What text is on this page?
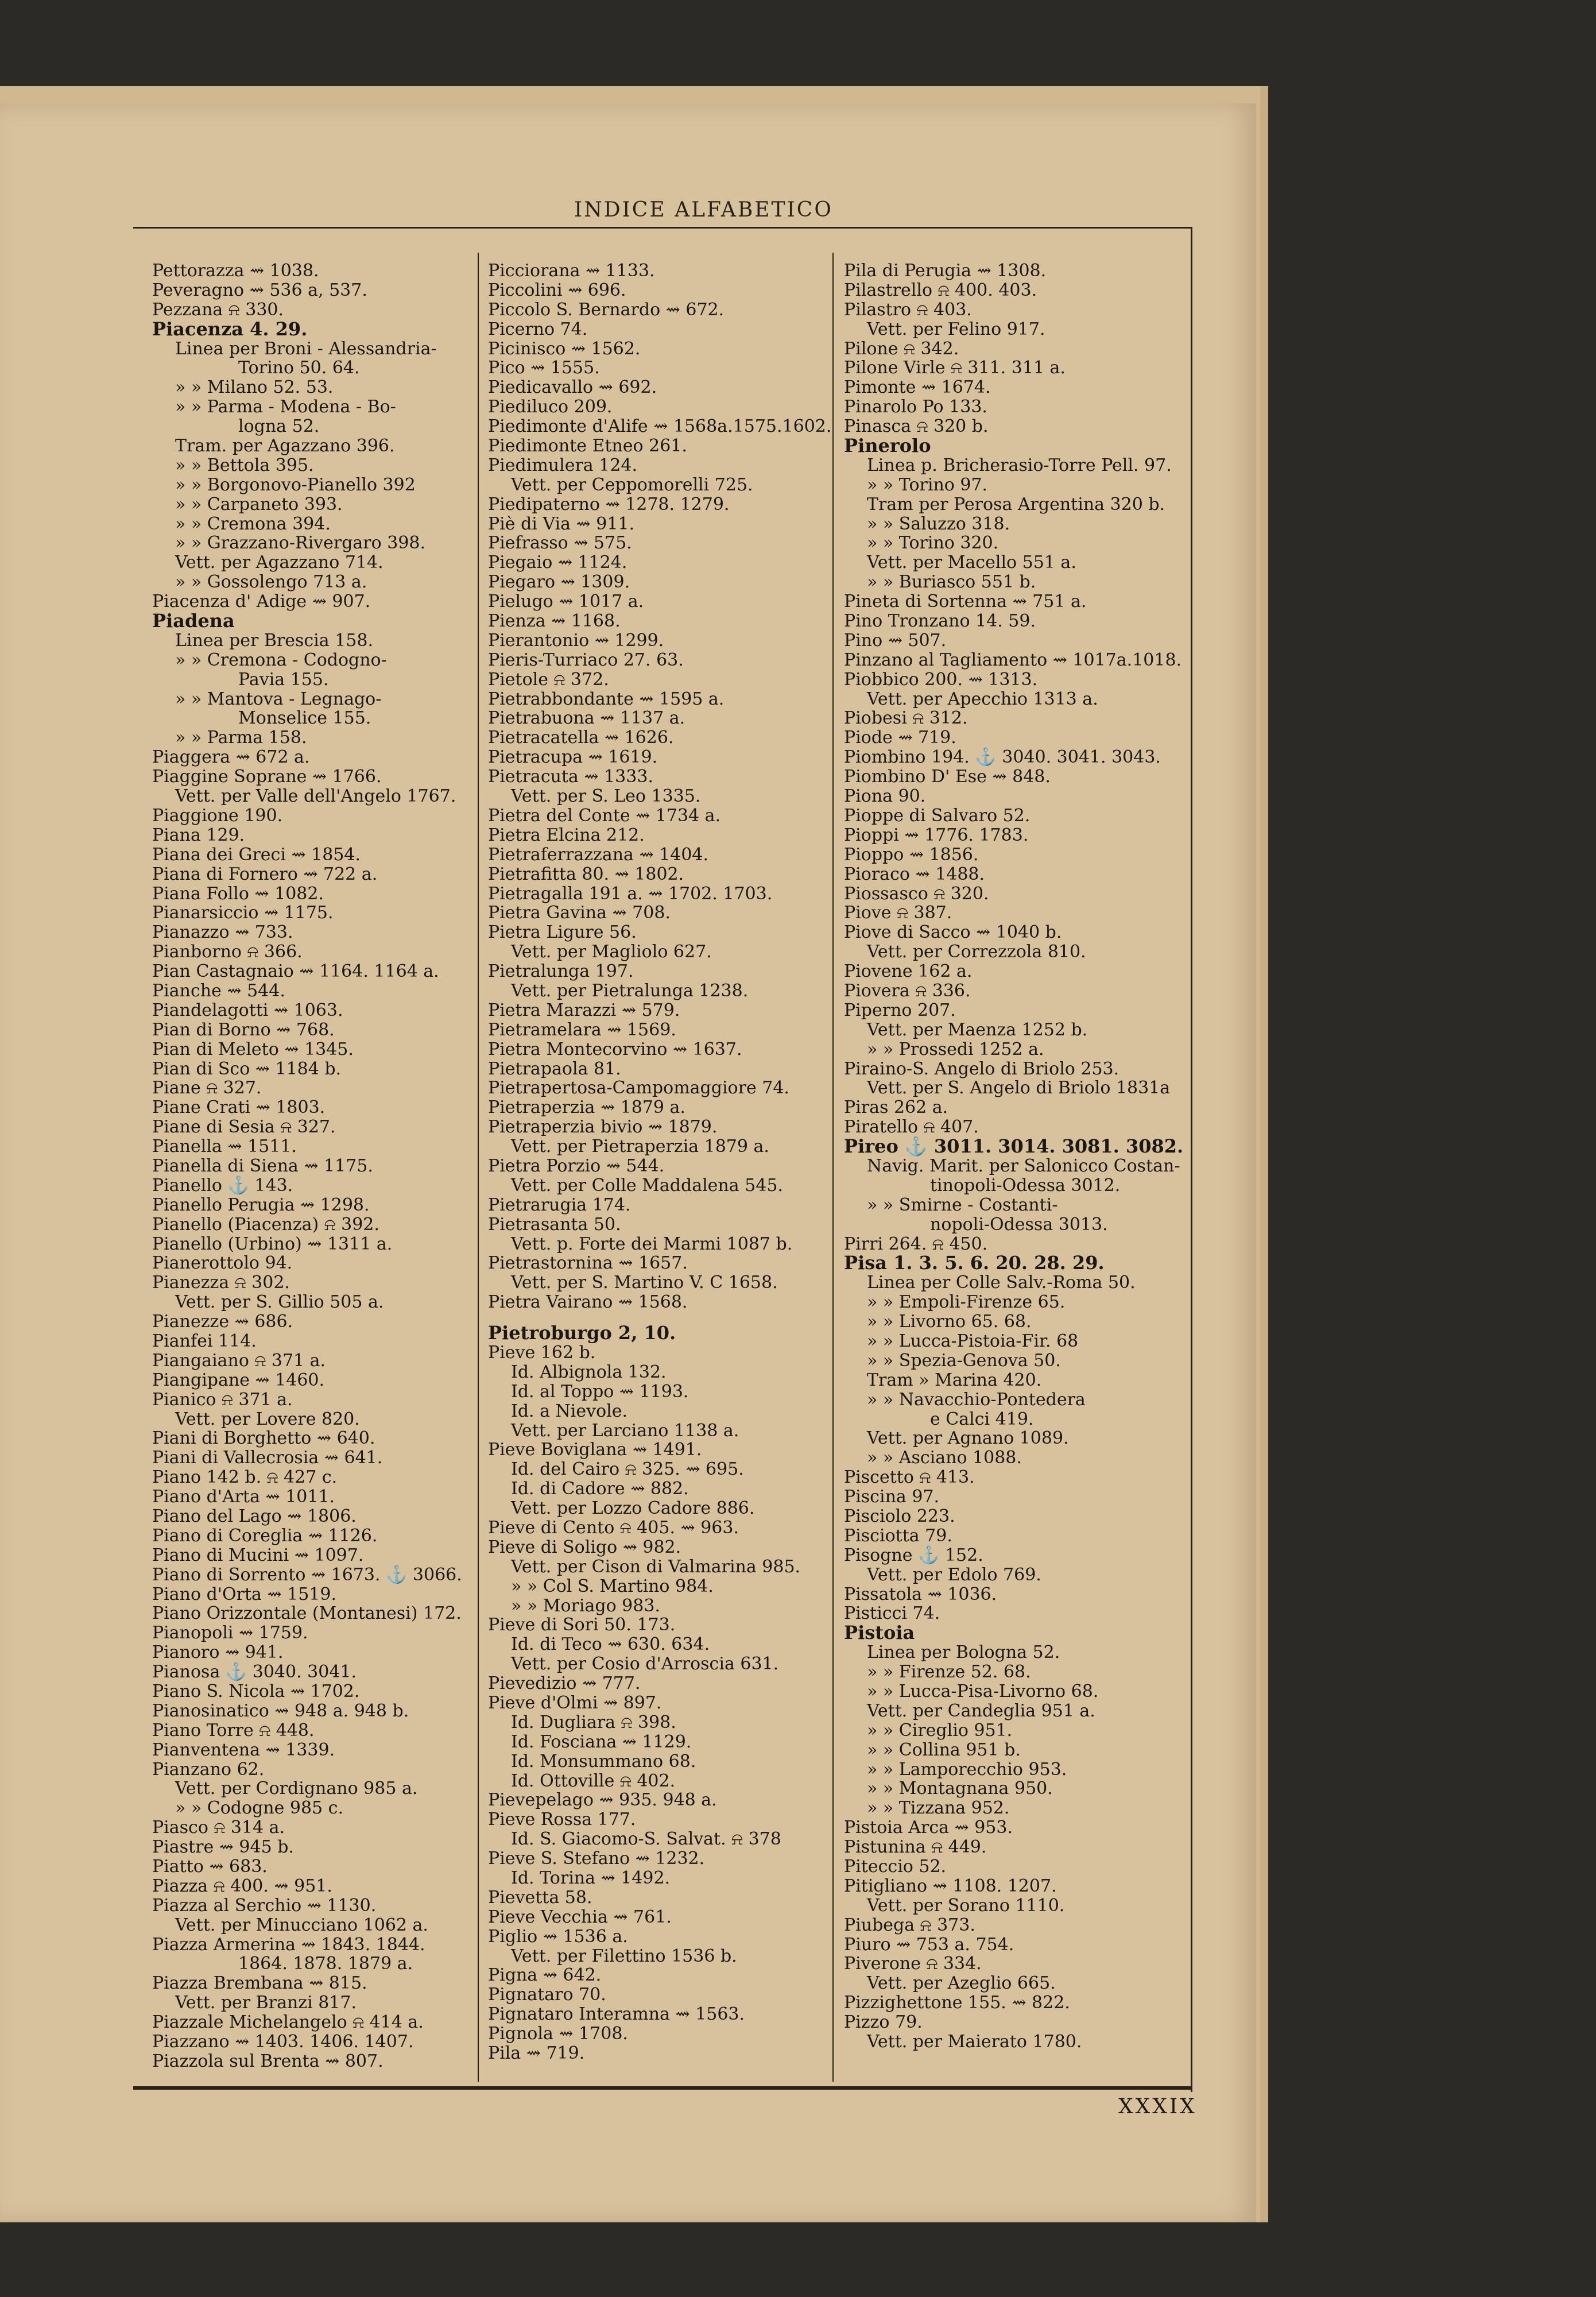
INDICE ALFABETICO
Pettorazza ⇝ 1038.
Peveragno ⇝ 536 a, 537.
Pezzana ⍾ 330.
Piacenza 4. 29.
Linea per Broni - Alessandria-
Torino 50. 64.
» » Milano 52. 53.
» » Parma - Modena - Bo-
logna 52.
Tram. per Agazzano 396.
» » Bettola 395.
» » Borgonovo-Pianello 392
» » Carpaneto 393.
» » Cremona 394.
» » Grazzano-Rivergaro 398.
Vett. per Agazzano 714.
» » Gossolengo 713 a.
Piacenza d' Adige ⇝ 907.
Piadena
Linea per Brescia 158.
» » Cremona - Codogno-
Pavia 155.
» » Mantova - Legnago-
Monselice 155.
» » Parma 158.
Piaggera ⇝ 672 a.
Piaggine Soprane ⇝ 1766.
Vett. per Valle dell'Angelo 1767.
Piaggione 190.
Piana 129.
Piana dei Greci ⇝ 1854.
Piana di Fornero ⇝ 722 a.
Piana Follo ⇝ 1082.
Pianarsiccio ⇝ 1175.
Pianazzo ⇝ 733.
Pianborno ⍾ 366.
Pian Castagnaio ⇝ 1164. 1164 a.
Pianche ⇝ 544.
Piandelagotti ⇝ 1063.
Pian di Borno ⇝ 768.
Pian di Meleto ⇝ 1345.
Pian di Sco ⇝ 1184 b.
Piane ⍾ 327.
Piane Crati ⇝ 1803.
Piane di Sesia ⍾ 327.
Pianella ⇝ 1511.
Pianella di Siena ⇝ 1175.
Pianello ⚓ 143.
Pianello Perugia ⇝ 1298.
Pianello (Piacenza) ⍾ 392.
Pianello (Urbino) ⇝ 1311 a.
Pianerottolo 94.
Pianezza ⍾ 302.
Vett. per S. Gillio 505 a.
Pianezze ⇝ 686.
Pianfei 114.
Piangaiano ⍾ 371 a.
Piangipane ⇝ 1460.
Pianico ⍾ 371 a.
Vett. per Lovere 820.
Piani di Borghetto ⇝ 640.
Piani di Vallecrosia ⇝ 641.
Piano 142 b. ⍾ 427 c.
Piano d'Arta ⇝ 1011.
Piano del Lago ⇝ 1806.
Piano di Coreglia ⇝ 1126.
Piano di Mucini ⇝ 1097.
Piano di Sorrento ⇝ 1673. ⚓ 3066.
Piano d'Orta ⇝ 1519.
Piano Orizzontale (Montanesi) 172.
Pianopoli ⇝ 1759.
Pianoro ⇝ 941.
Pianosa ⚓ 3040. 3041.
Piano S. Nicola ⇝ 1702.
Pianosinatico ⇝ 948 a. 948 b.
Piano Torre ⍾ 448.
Pianventena ⇝ 1339.
Pianzano 62.
Vett. per Cordignano 985 a.
» » Codogne 985 c.
Piasco ⍾ 314 a.
Piastre ⇝ 945 b.
Piatto ⇝ 683.
Piazza ⍾ 400. ⇝ 951.
Piazza al Serchio ⇝ 1130.
Vett. per Minucciano 1062 a.
Piazza Armerina ⇝ 1843. 1844.
1864. 1878. 1879 a.
Piazza Brembana ⇝ 815.
Vett. per Branzi 817.
Piazzale Michelangelo ⍾ 414 a.
Piazzano ⇝ 1403. 1406. 1407.
Piazzola sul Brenta ⇝ 807.
Picciorana ⇝ 1133.
Piccolini ⇝ 696.
Piccolo S. Bernardo ⇝ 672.
Picerno 74.
Picinisco ⇝ 1562.
Pico ⇝ 1555.
Piedicavallo ⇝ 692.
Piediluco 209.
Piedimonte d'Alife ⇝ 1568a.1575.1602.
Piedimonte Etneo 261.
Piedimulera 124.
Vett. per Ceppomorelli 725.
Piedipaterno ⇝ 1278. 1279.
Piè di Via ⇝ 911.
Piefrasso ⇝ 575.
Piegaio ⇝ 1124.
Piegaro ⇝ 1309.
Pielugo ⇝ 1017 a.
Pienza ⇝ 1168.
Pierantonio ⇝ 1299.
Pieris-Turriaco 27. 63.
Pietole ⍾ 372.
Pietrabbondante ⇝ 1595 a.
Pietrabuona ⇝ 1137 a.
Pietracatella ⇝ 1626.
Pietracupa ⇝ 1619.
Pietracuta ⇝ 1333.
Vett. per S. Leo 1335.
Pietra del Conte ⇝ 1734 a.
Pietra Elcina 212.
Pietraferrazzana ⇝ 1404.
Pietrafitta 80. ⇝ 1802.
Pietragalla 191 a. ⇝ 1702. 1703.
Pietra Gavina ⇝ 708.
Pietra Ligure 56.
Vett. per Magliolo 627.
Pietralunga 197.
Vett. per Pietralunga 1238.
Pietra Marazzi ⇝ 579.
Pietramelara ⇝ 1569.
Pietra Montecorvino ⇝ 1637.
Pietrapaola 81.
Pietrapertosa-Campomaggiore 74.
Pietraperzia ⇝ 1879 a.
Pietraperzia bivio ⇝ 1879.
Vett. per Pietraperzia 1879 a.
Pietra Porzio ⇝ 544.
Vett. per Colle Maddalena 545.
Pietrarugia 174.
Pietrasanta 50.
Vett. p. Forte dei Marmi 1087 b.
Pietrastornina ⇝ 1657.
Vett. per S. Martino V. C 1658.
Pietra Vairano ⇝ 1568.
Pietroburgo 2, 10.
Pieve 162 b.
Id. Albignola 132.
Id. al Toppo ⇝ 1193.
Id. a Nievole.
Vett. per Larciano 1138 a.
Pieve Boviglana ⇝ 1491.
Id. del Cairo ⍾ 325. ⇝ 695.
Id. di Cadore ⇝ 882.
Vett. per Lozzo Cadore 886.
Pieve di Cento ⍾ 405. ⇝ 963.
Pieve di Soligo ⇝ 982.
Vett. per Cison di Valmarina 985.
» » Col S. Martino 984.
» » Moriago 983.
Pieve di Sori 50. 173.
Id. di Teco ⇝ 630. 634.
Vett. per Cosio d'Arroscia 631.
Pievedizio ⇝ 777.
Pieve d'Olmi ⇝ 897.
Id. Dugliara ⍾ 398.
Id. Fosciana ⇝ 1129.
Id. Monsummano 68.
Id. Ottoville ⍾ 402.
Pievepelago ⇝ 935. 948 a.
Pieve Rossa 177.
Id. S. Giacomo-S. Salvat. ⍾ 378
Pieve S. Stefano ⇝ 1232.
Id. Torina ⇝ 1492.
Pievetta 58.
Pieve Vecchia ⇝ 761.
Piglio ⇝ 1536 a.
Vett. per Filettino 1536 b.
Pigna ⇝ 642.
Pignataro 70.
Pignataro Interamna ⇝ 1563.
Pignola ⇝ 1708.
Pila ⇝ 719.
Pila di Perugia ⇝ 1308.
Pilastrello ⍾ 400. 403.
Pilastro ⍾ 403.
Vett. per Felino 917.
Pilone ⍾ 342.
Pilone Virle ⍾ 311. 311 a.
Pimonte ⇝ 1674.
Pinarolo Po 133.
Pinasca ⍾ 320 b.
Pinerolo
Linea p. Bricherasio-Torre Pell. 97.
» » Torino 97.
Tram per Perosa Argentina 320 b.
» » Saluzzo 318.
» » Torino 320.
Vett. per Macello 551 a.
» » Buriasco 551 b.
Pineta di Sortenna ⇝ 751 a.
Pino Tronzano 14. 59.
Pino ⇝ 507.
Pinzano al Tagliamento ⇝ 1017a.1018.
Piobbico 200. ⇝ 1313.
Vett. per Apecchio 1313 a.
Piobesi ⍾ 312.
Piode ⇝ 719.
Piombino 194. ⚓ 3040. 3041. 3043.
Piombino D' Ese ⇝ 848.
Piona 90.
Pioppe di Salvaro 52.
Pioppi ⇝ 1776. 1783.
Pioppo ⇝ 1856.
Pioraco ⇝ 1488.
Piossasco ⍾ 320.
Piove ⍾ 387.
Piove di Sacco ⇝ 1040 b.
Vett. per Correzzola 810.
Piovene 162 a.
Piovera ⍾ 336.
Piperno 207.
Vett. per Maenza 1252 b.
» » Prossedi 1252 a.
Piraino-S. Angelo di Briolo 253.
Vett. per S. Angelo di Briolo 1831a
Piras 262 a.
Piratello ⍾ 407.
Pireo ⚓ 3011. 3014. 3081. 3082.
Navig. Marit. per Salonicco Costan-
tinopoli-Odessa 3012.
» » Smirne - Costanti-
nopoli-Odessa 3013.
Pirri 264. ⍾ 450.
Pisa 1. 3. 5. 6. 20. 28. 29.
Linea per Colle Salv.-Roma 50.
» » Empoli-Firenze 65.
» » Livorno 65. 68.
» » Lucca-Pistoia-Fir. 68
» » Spezia-Genova 50.
Tram » Marina 420.
» » Navacchio-Pontedera
e Calci 419.
Vett. per Agnano 1089.
» » Asciano 1088.
Piscetto ⍾ 413.
Piscina 97.
Pisciolo 223.
Pisciotta 79.
Pisogne ⚓ 152.
Vett. per Edolo 769.
Pissatola ⇝ 1036.
Pisticci 74.
Pistoia
Linea per Bologna 52.
» » Firenze 52. 68.
» » Lucca-Pisa-Livorno 68.
Vett. per Candeglia 951 a.
» » Cireglio 951.
» » Collina 951 b.
» » Lamporecchio 953.
» » Montagnana 950.
» » Tizzana 952.
Pistoia Arca ⇝ 953.
Pistunina ⍾ 449.
Piteccio 52.
Pitigliano ⇝ 1108. 1207.
Vett. per Sorano 1110.
Piubega ⍾ 373.
Piuro ⇝ 753 a. 754.
Piverone ⍾ 334.
Vett. per Azeglio 665.
Pizzighettone 155. ⇝ 822.
Pizzo 79.
Vett. per Maierato 1780.
XXXIX
